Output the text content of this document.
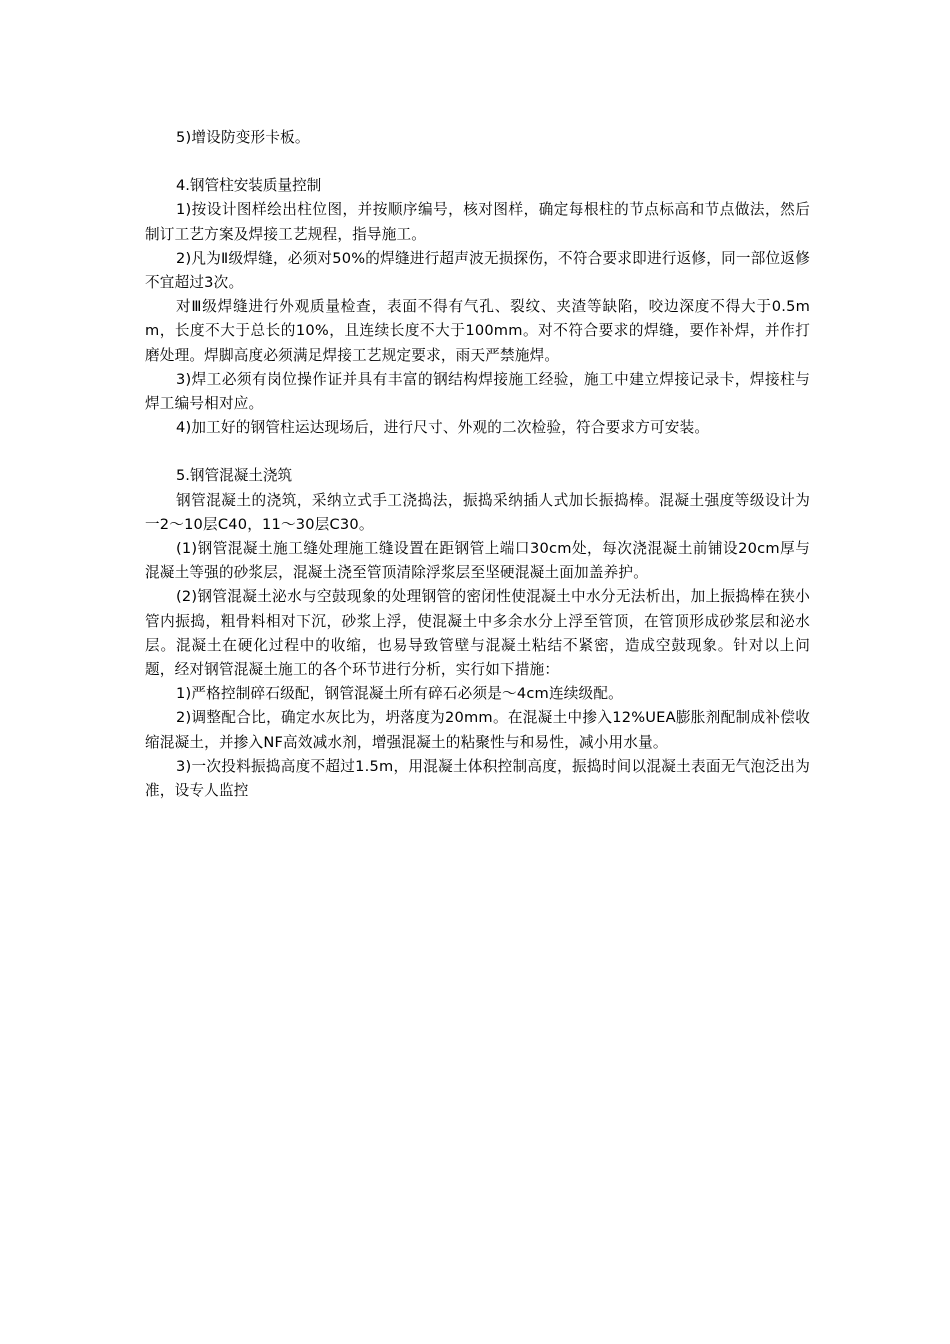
5)增设防变形卡板。

4.钢管柱安装质量控制

1)按设计图样绘出柱位图，并按顺序编号，核对图样，确定每根柱的节点标高和节点做法，然后制订工艺方案及焊接工艺规程，指导施工。

2)凡为Ⅱ级焊缝，必须对50%的焊缝进行超声波无损探伤，不符合要求即进行返修，同一部位返修不宜超过3次。

对Ⅲ级焊缝进行外观质量检查，表面不得有气孔、裂纹、夹渣等缺陷，咬边深度不得大于0.5mm，长度不大于总长的10%，且连续长度不大于100mm。对不符合要求的焊缝，要作补焊，并作打磨处理。焊脚高度必须满足焊接工艺规定要求，雨天严禁施焊。

3)焊工必须有岗位操作证并具有丰富的钢结构焊接施工经验，施工中建立焊接记录卡，焊接柱与焊工编号相对应。

4)加工好的钢管柱运达现场后，进行尺寸、外观的二次检验，符合要求方可安装。

5.钢管混凝土浇筑

钢管混凝土的浇筑，采纳立式手工浇捣法，振捣采纳插人式加长振捣棒。混凝土强度等级设计为一2～10层C40，11～30层C30。

(1)钢管混凝土施工缝处理施工缝设置在距钢管上端口30cm处，每次浇混凝土前铺设20cm厚与混凝土等强的砂浆层，混凝土浇至管顶清除浮浆层至坚硬混凝土面加盖养护。

(2)钢管混凝土泌水与空鼓现象的处理钢管的密闭性使混凝土中水分无法析出，加上振捣棒在狭小管内振捣，粗骨料相对下沉，砂浆上浮，使混凝土中多余水分上浮至管顶，在管顶形成砂浆层和泌水层。混凝土在硬化过程中的收缩，也易导致管壁与混凝土粘结不紧密，造成空鼓现象。针对以上问题，经对钢管混凝土施工的各个环节进行分析，实行如下措施：

1)严格控制碎石级配，钢管混凝土所有碎石必须是～4cm连续级配。

2)调整配合比，确定水灰比为，坍落度为20mm。在混凝土中掺入12%UEA膨胀剂配制成补偿收缩混凝土，并掺入NF高效减水剂，增强混凝土的粘聚性与和易性，减小用水量。

3)一次投料振捣高度不超过1.5m，用混凝土体积控制高度，振捣时间以混凝土表面无气泡泛出为准，设专人监控
